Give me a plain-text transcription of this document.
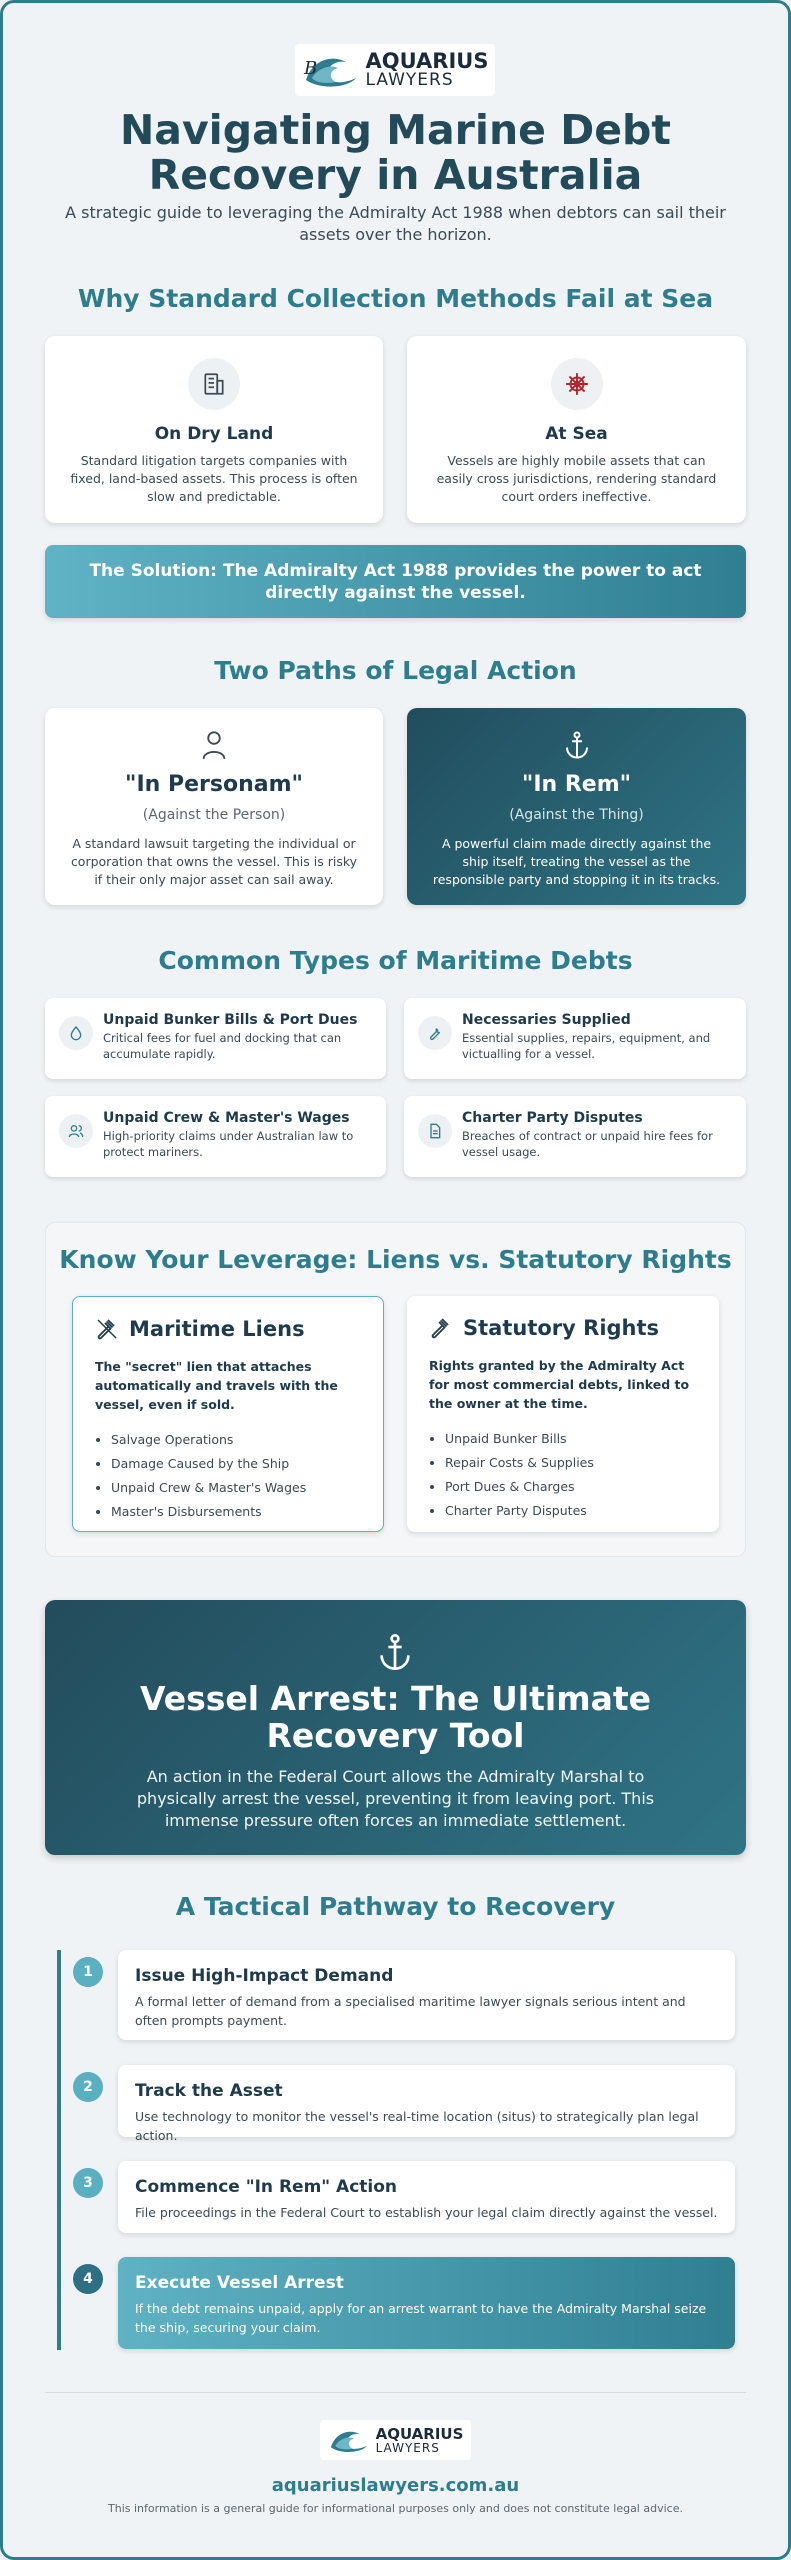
B AQUARIUS
LAWYERS
Navigating Marine Debt Recovery in Australia
A strategic guide to leveraging the Admiralty Act 1988 when debtors can sail their assets over the horizon.
Why Standard Collection Methods Fail at Sea
On Dry Land

Standard litigation targets companies with fixed, land-based assets. This process is often slow and predictable.

At Sea

Vessels are highly mobile assets that can easily cross jurisdictions, rendering standard court orders ineffective.

The Solution: The Admiralty Act 1988 provides the power to act directly against the vessel.
Two Paths of Legal Action
"In Personam"
(Against the Person)

A standard lawsuit targeting the individual or corporation that owns the vessel. This is risky if their only major asset can sail away.

"In Rem"
(Against the Thing)

A powerful claim made directly against the ship itself, treating the vessel as the responsible party and stopping it in its tracks.

Common Types of Maritime Debts
Unpaid Bunker Bills & Port Dues

Critical fees for fuel and docking that can accumulate rapidly.

Necessaries Supplied

Essential supplies, repairs, equipment, and victualling for a vessel.

Unpaid Crew & Master's Wages

High-priority claims under Australian law to protect mariners.

Charter Party Disputes

Breaches of contract or unpaid hire fees for vessel usage.

Know Your Leverage: Liens vs. Statutory Rights
Maritime Liens
The "secret" lien that attaches automatically and travels with the vessel, even if sold.
• Salvage Operations
• Damage Caused by the Ship
• Unpaid Crew & Master's Wages
• Master's Disbursements
Statutory Rights
Rights granted by the Admiralty Act for most commercial debts, linked to the owner at the time.
• Unpaid Bunker Bills
• Repair Costs & Supplies
• Port Dues & Charges
• Charter Party Disputes
Vessel Arrest: The Ultimate Recovery Tool

An action in the Federal Court allows the Admiralty Marshal to physically arrest the vessel, preventing it from leaving port. This immense pressure often forces an immediate settlement.

A Tactical Pathway to Recovery
1	Issue High-Impact Demand

A formal letter of demand from a specialised maritime lawyer signals serious intent and often prompts payment.

2	Track the Asset

Use technology to monitor the vessel's real-time location (situs) to strategically plan legal action.

3	Commence "In Rem" Action

File proceedings in the Federal Court to establish your legal claim directly against the vessel.

4	Execute Vessel Arrest

If the debt remains unpaid, apply for an arrest warrant to have the Admiralty Marshal seize the ship, securing your claim.

AQUARIUS
LAWYERS
aquariuslawyers.com.au
This information is a general guide for informational purposes only and does not constitute legal advice.
